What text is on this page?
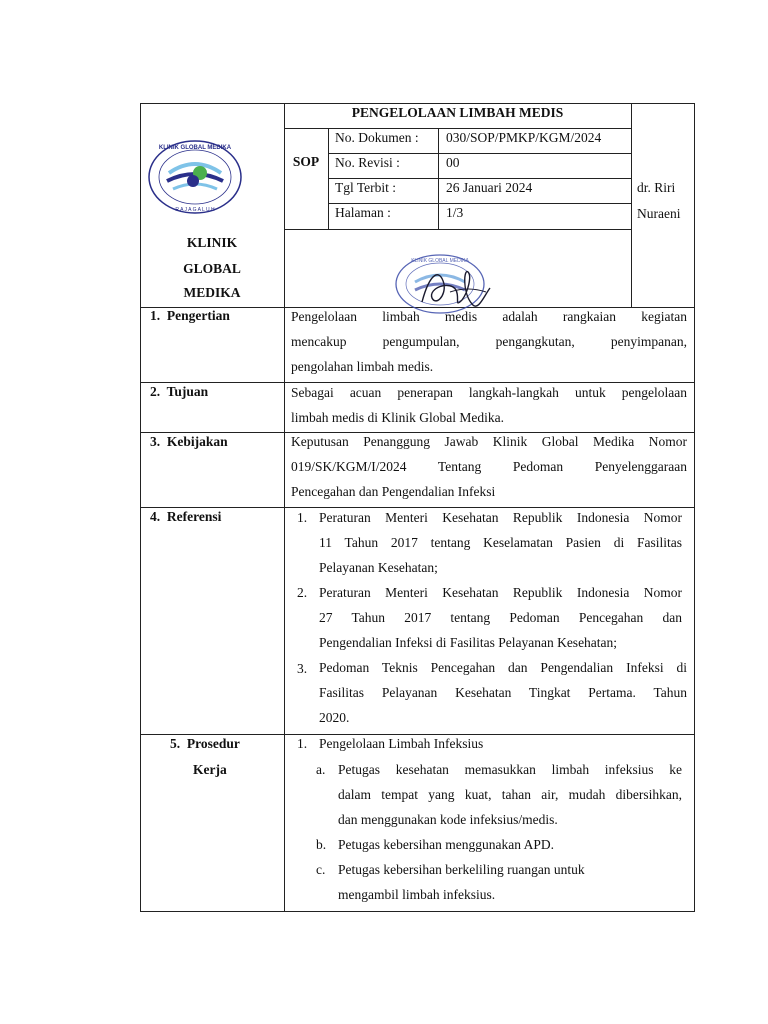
KLINIK GLOBAL MEDIKA
R A J A G A L U H
KLINIK
GLOBAL
MEDIKA
PENGELOLAAN LIMBAH MEDIS
SOP
No. Dokumen : 030/SOP/PMKP/KGM/2024
No. Revisi :	00
Tgl Terbit :	26 Januari 2024
Halaman :	1/3
dr. Riri
Nuraeni
KLINIK GLOBAL MEDIKA
1.  Pengertian	Pengelolaan limbah medis adalah rangkaian kegiatan
mencakup pengumpulan, pengangkutan, penyimpanan,
pengolahan limbah medis.
2.  Tujuan	Sebagai acuan penerapan langkah-langkah untuk pengelolaan
limbah medis di Klinik Global Medika.
3.  Kebijakan	Keputusan Penanggung Jawab Klinik Global Medika Nomor
019/SK/KGM/I/2024 Tentang Pedoman Penyelenggaraan
Pencegahan dan Pengendalian Infeksi
4.  Referensi	1. Peraturan Menteri Kesehatan Republik Indonesia Nomor
11 Tahun 2017 tentang Keselamatan Pasien di Fasilitas
Pelayanan Kesehatan;
2. Peraturan Menteri Kesehatan Republik Indonesia Nomor
27 Tahun 2017 tentang Pedoman Pencegahan dan
Pengendalian Infeksi di Fasilitas Pelayanan Kesehatan;
3. Pedoman Teknis Pencegahan dan Pengendalian Infeksi di
Fasilitas Pelayanan Kesehatan Tingkat Pertama. Tahun
2020.
5.  Prosedur
Kerja
1. Pengelolaan Limbah Infeksius
a. Petugas kesehatan memasukkan limbah infeksius ke
dalam tempat yang kuat, tahan air, mudah dibersihkan,
dan menggunakan kode infeksius/medis.
b. Petugas kebersihan menggunakan APD.
c. Petugas kebersihan berkeliling ruangan untuk
mengambil limbah infeksius.
